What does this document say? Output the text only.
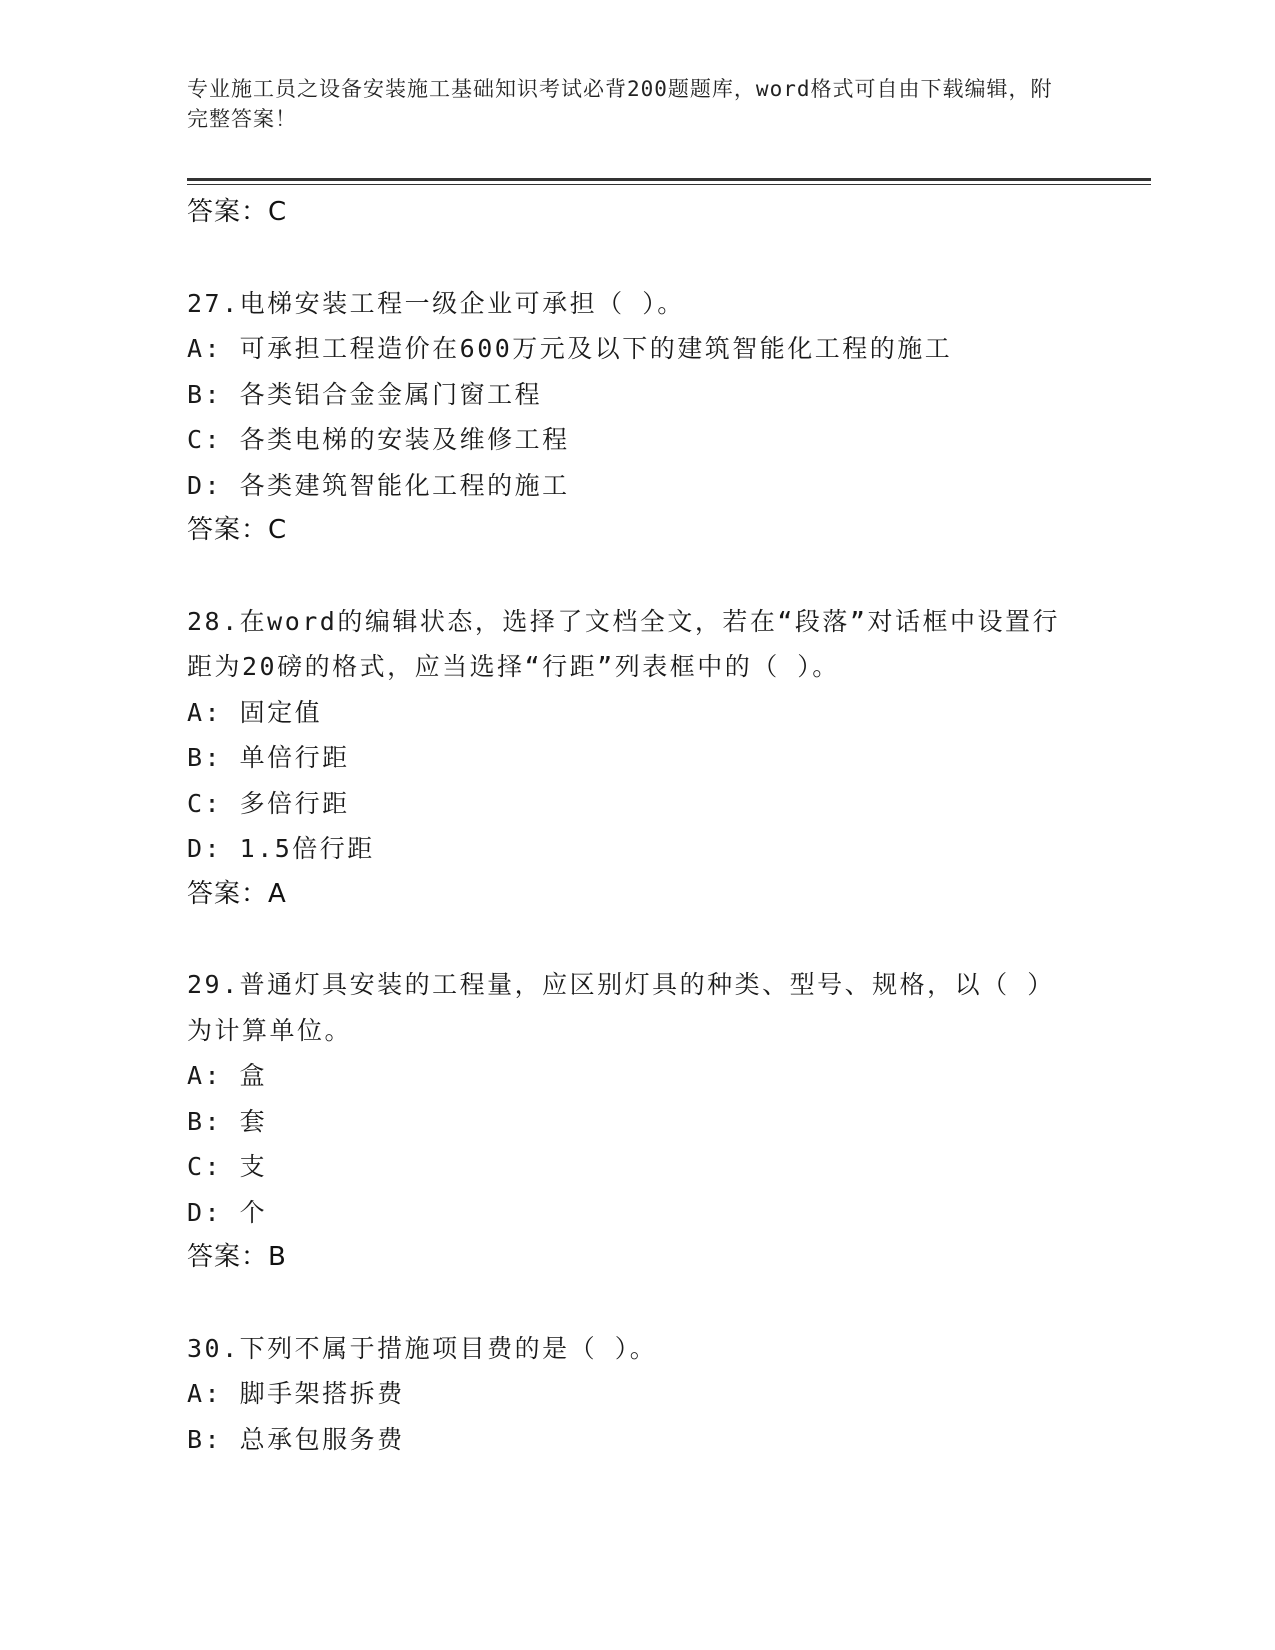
专业施工员之设备安装施工基础知识考试必背200题题库，word格式可自由下载编辑，附完整答案！
答案：C
27.电梯安装工程一级企业可承担（ ）。
A: 可承担工程造价在600万元及以下的建筑智能化工程的施工
B: 各类铝合金金属门窗工程
C: 各类电梯的安装及维修工程
D: 各类建筑智能化工程的施工
答案：C
28.在word的编辑状态，选择了文档全文，若在“段落”对话框中设置行距为20磅的格式，应当选择“行距”列表框中的（ ）。
A: 固定值
B: 单倍行距
C: 多倍行距
D: 1.5倍行距
答案：A
29.普通灯具安装的工程量，应区别灯具的种类、型号、规格，以（ ）为计算单位。
A: 盒
B: 套
C: 支
D: 个
答案：B
30.下列不属于措施项目费的是（ ）。
A: 脚手架搭拆费
B: 总承包服务费
